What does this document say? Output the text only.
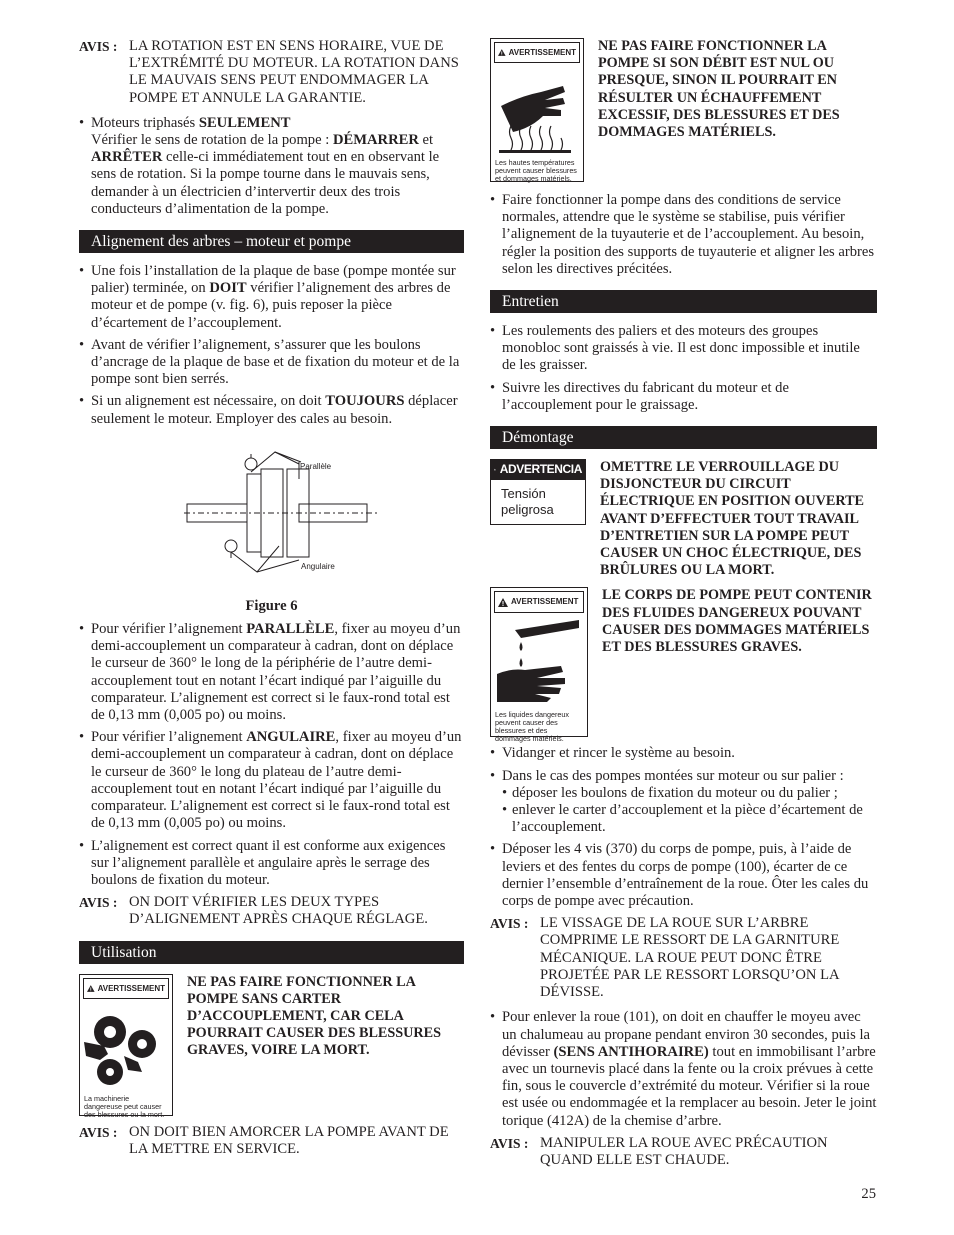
AVIS : LA ROTATION EST EN SENS HORAIRE, VUE DE L’EXTRÉMITÉ DU MOTEUR. LA ROTATION DANS LE MAUVAIS SENS PEUT ENDOMMAGER LA POMPE ET ANNULE LA GARANTIE.
• Moteurs triphasés SEULEMENT
Vérifier le sens de rotation de la pompe : DÉMARRER et ARRÊTER celle-ci immédiatement tout en en observant le sens de rotation. Si la pompe tourne dans le mauvais sens, demander à un électricien d’intervertir deux des trois conducteurs d’alimentation de la pompe.
Alignement des arbres – moteur et pompe
• Une fois l’installation de la plaque de base (pompe montée sur palier) terminée, on DOIT vérifier l’alignement des arbres de moteur et de pompe (v. fig. 6), puis reposer la pièce d’écartement de l’accouplement.
• Avant de vérifier l’alignement, s’assurer que les boulons d’ancrage de la plaque de base et de fixation du moteur et de la pompe sont bien serrés.
• Si un alignement est nécessaire, on doit TOUJOURS déplacer seulement le moteur. Employer des cales au besoin.
Parallèle
Angulaire
Figure 6
• Pour vérifier l’alignement PARALLÈLE, fixer au moyeu d’un demi-accouplement un comparateur à cadran, dont on déplace le curseur de 360° le long de la périphérie de l’autre demi-accouplement tout en notant l’écart indiqué par l’aiguille du comparateur. L’alignement est correct si le faux-rond total est de 0,13 mm (0,005 po) ou moins.
• Pour vérifier l’alignement ANGULAIRE, fixer au moyeu d’un demi-accouplement un comparateur à cadran, dont on déplace le curseur de 360° le long du plateau de l’autre demi-accouplement tout en notant l’écart indiqué par l’aiguille du comparateur. L’alignement est correct si le faux-rond total est de 0,13 mm (0,005 po) ou moins.
• L’alignement est correct quant il est conforme aux exigences sur l’alignement parallèle et angulaire après le serrage des boulons de fixation du moteur.
AVIS : ON DOIT VÉRIFIER LES DEUX TYPES D’ALIGNEMENT APRÈS CHAQUE RÉGLAGE.
Utilisation
AVERTISSEMENT
La machinerie dangereuse peut causer des blessures ou la mort.
NE PAS FAIRE FONCTIONNER LA POMPE SANS CARTER D’ACCOUPLEMENT, CAR CELA POURRAIT CAUSER DES BLESSURES GRAVES, VOIRE LA MORT.
AVIS : ON DOIT BIEN AMORCER LA POMPE AVANT DE LA METTRE EN SERVICE.
AVERTISSEMENT
Les hautes températures peuvent causer blessures et dommages matériels.
NE PAS FAIRE FONCTIONNER LA POMPE SI SON DÉBIT EST NUL OU PRESQUE, SINON IL POURRAIT EN RÉSULTER UN ÉCHAUFFEMENT EXCESSIF, DES BLESSURES ET DES DOMMAGES MATÉRIELS.
• Faire fonctionner la pompe dans des conditions de service normales, attendre que le système se stabilise, puis vérifier l’alignement de la tuyauterie et de l’accouplement. Au besoin, régler la position des supports de tuyauterie et aligner les arbres selon les directives précitées.
Entretien
• Les roulements des paliers et des moteurs des groupes monobloc sont graissés à vie. Il est donc impossible et inutile de les graisser.
• Suivre les directives du fabricant du moteur et de l’accouplement pour le graissage.
Démontage
ADVERTENCIA
Tensión peligrosa
OMETTRE LE VERROUILLAGE DU DISJONCTEUR DU CIRCUIT ÉLECTRIQUE EN POSITION OUVERTE AVANT D’EFFECTUER TOUT TRAVAIL D’ENTRETIEN SUR LA POMPE PEUT CAUSER UN CHOC ÉLECTRIQUE, DES BRÛLURES OU LA MORT.
AVERTISSEMENT
Les liquides dangereux peuvent causer des blessures et des dommages matériels.
LE CORPS DE POMPE PEUT CONTENIR DES FLUIDES DANGEREUX POUVANT CAUSER DES DOMMAGES MATÉRIELS ET DES BLESSURES GRAVES.
• Vidanger et rincer le système au besoin.
• Dans le cas des pompes montées sur moteur ou sur palier :
• déposer les boulons de fixation du moteur ou du palier ;
• enlever le carter d’accouplement et la pièce d’écartement de l’accouplement.
• Déposer les 4 vis (370) du corps de pompe, puis, à l’aide de leviers et des fentes du corps de pompe (100), écarter de ce dernier l’ensemble d’entraînement de la roue. Ôter les cales du corps de pompe avec précaution.
AVIS : LE VISSAGE DE LA ROUE SUR L’ARBRE COMPRIME LE RESSORT DE LA GARNITURE MÉCANIQUE. LA ROUE PEUT DONC ÊTRE PROJETÉE PAR LE RESSORT LORSQU’ON LA DÉVISSE.
• Pour enlever la roue (101), on doit en chauffer le moyeu avec un chalumeau au propane pendant environ 30 secondes, puis la dévisser (SENS ANTIHORAIRE) tout en immobilisant l’arbre avec un tournevis placé dans la fente ou la croix prévues à cette fin, sous le couvercle d’extrémité du moteur. Vérifier si la roue est usée ou endommagée et la remplacer au besoin. Jeter le joint torique (412A) de la chemise d’arbre.
AVIS : MANIPULER LA ROUE AVEC PRÉCAUTION QUAND ELLE EST CHAUDE.
25
